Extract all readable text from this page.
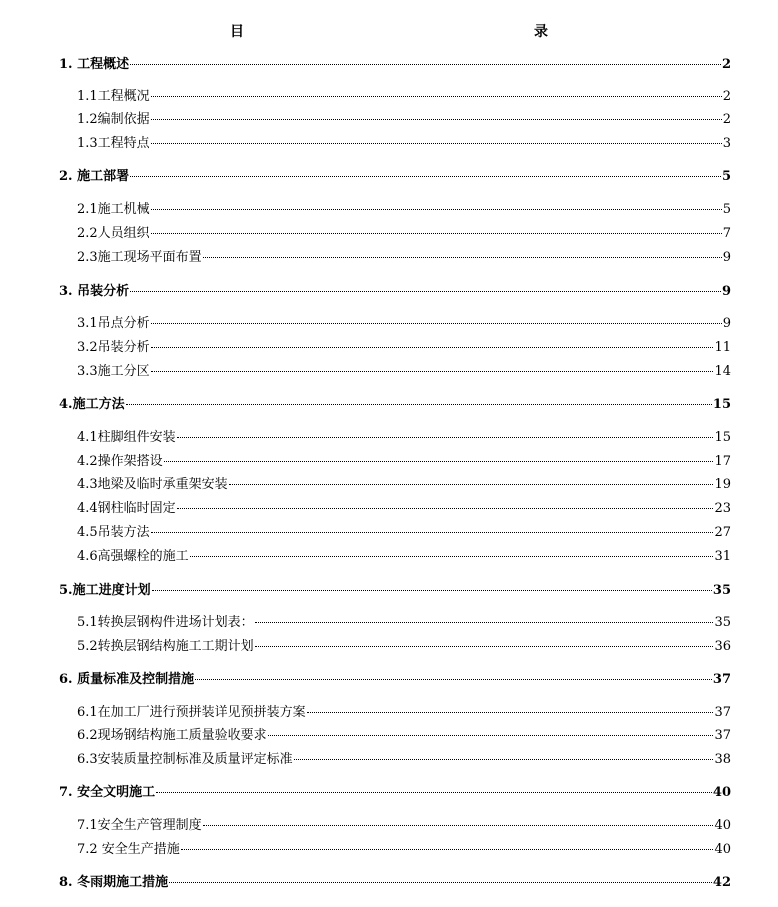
目　　　录
1. 工程概述	2
1.1工程概况	2
1.2编制依据	2
1.3工程特点	3
2. 施工部署	5
2.1施工机械	5
2.2人员组织	7
2.3施工现场平面布置	9
3. 吊装分析	9
3.1吊点分析	9
3.2吊装分析	11
3.3施工分区	14
4.施工方法	15
4.1柱脚组件安装	15
4.2操作架搭设	17
4.3地梁及临时承重架安装	19
4.4钢柱临时固定	23
4.5吊装方法	27
4.6高强螺栓的施工	31
5.施工进度计划	35
5.1转换层钢构件进场计划表：	35
5.2转换层钢结构施工工期计划	36
6. 质量标准及控制措施	37
6.1在加工厂进行预拼装详见预拼装方案	37
6.2现场钢结构施工质量验收要求	37
6.3安装质量控制标准及质量评定标准	38
7. 安全文明施工	40
7.1安全生产管理制度	40
7.2 安全生产措施	40
8. 冬雨期施工措施	42
